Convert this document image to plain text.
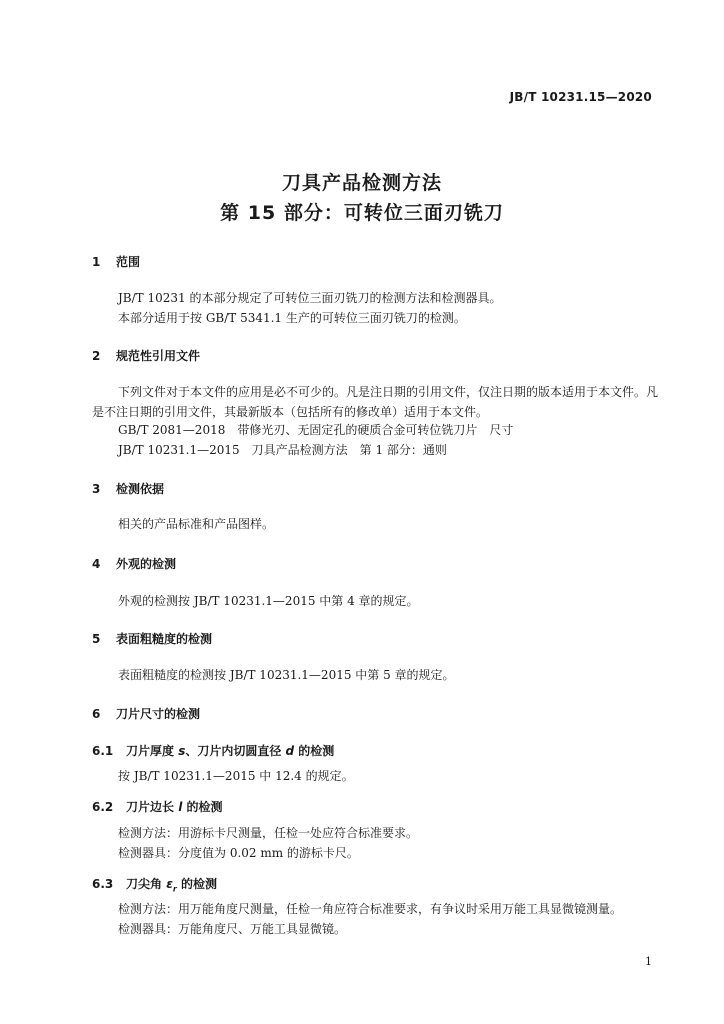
JB/T 10231.15—2020
刀具产品检测方法
第 15 部分：可转位三面刃铣刀
1 范围
JB/T 10231 的本部分规定了可转位三面刃铣刀的检测方法和检测器具。
本部分适用于按 GB/T 5341.1 生产的可转位三面刃铣刀的检测。
2 规范性引用文件
下列文件对于本文件的应用是必不可少的。凡是注日期的引用文件，仅注日期的版本适用于本文件。凡是不注日期的引用文件，其最新版本（包括所有的修改单）适用于本文件。
GB/T 2081—2018　带修光刃、无固定孔的硬质合金可转位铣刀片　尺寸
JB/T 10231.1—2015　刀具产品检测方法　第 1 部分：通则
3 检测依据
相关的产品标准和产品图样。
4 外观的检测
外观的检测按 JB/T 10231.1—2015 中第 4 章的规定。
5 表面粗糙度的检测
表面粗糙度的检测按 JB/T 10231.1—2015 中第 5 章的规定。
6 刀片尺寸的检测
6.1 刀片厚度 s、刀片内切圆直径 d 的检测
按 JB/T 10231.1—2015 中 12.4 的规定。
6.2 刀片边长 l 的检测
检测方法：用游标卡尺测量，任检一处应符合标准要求。
检测器具：分度值为 0.02 mm 的游标卡尺。
6.3 刀尖角 $\varepsilon_r$ 的检测
检测方法：用万能角度尺测量，任检一角应符合标准要求，有争议时采用万能工具显微镜测量。
检测器具：万能角度尺、万能工具显微镜。
1
